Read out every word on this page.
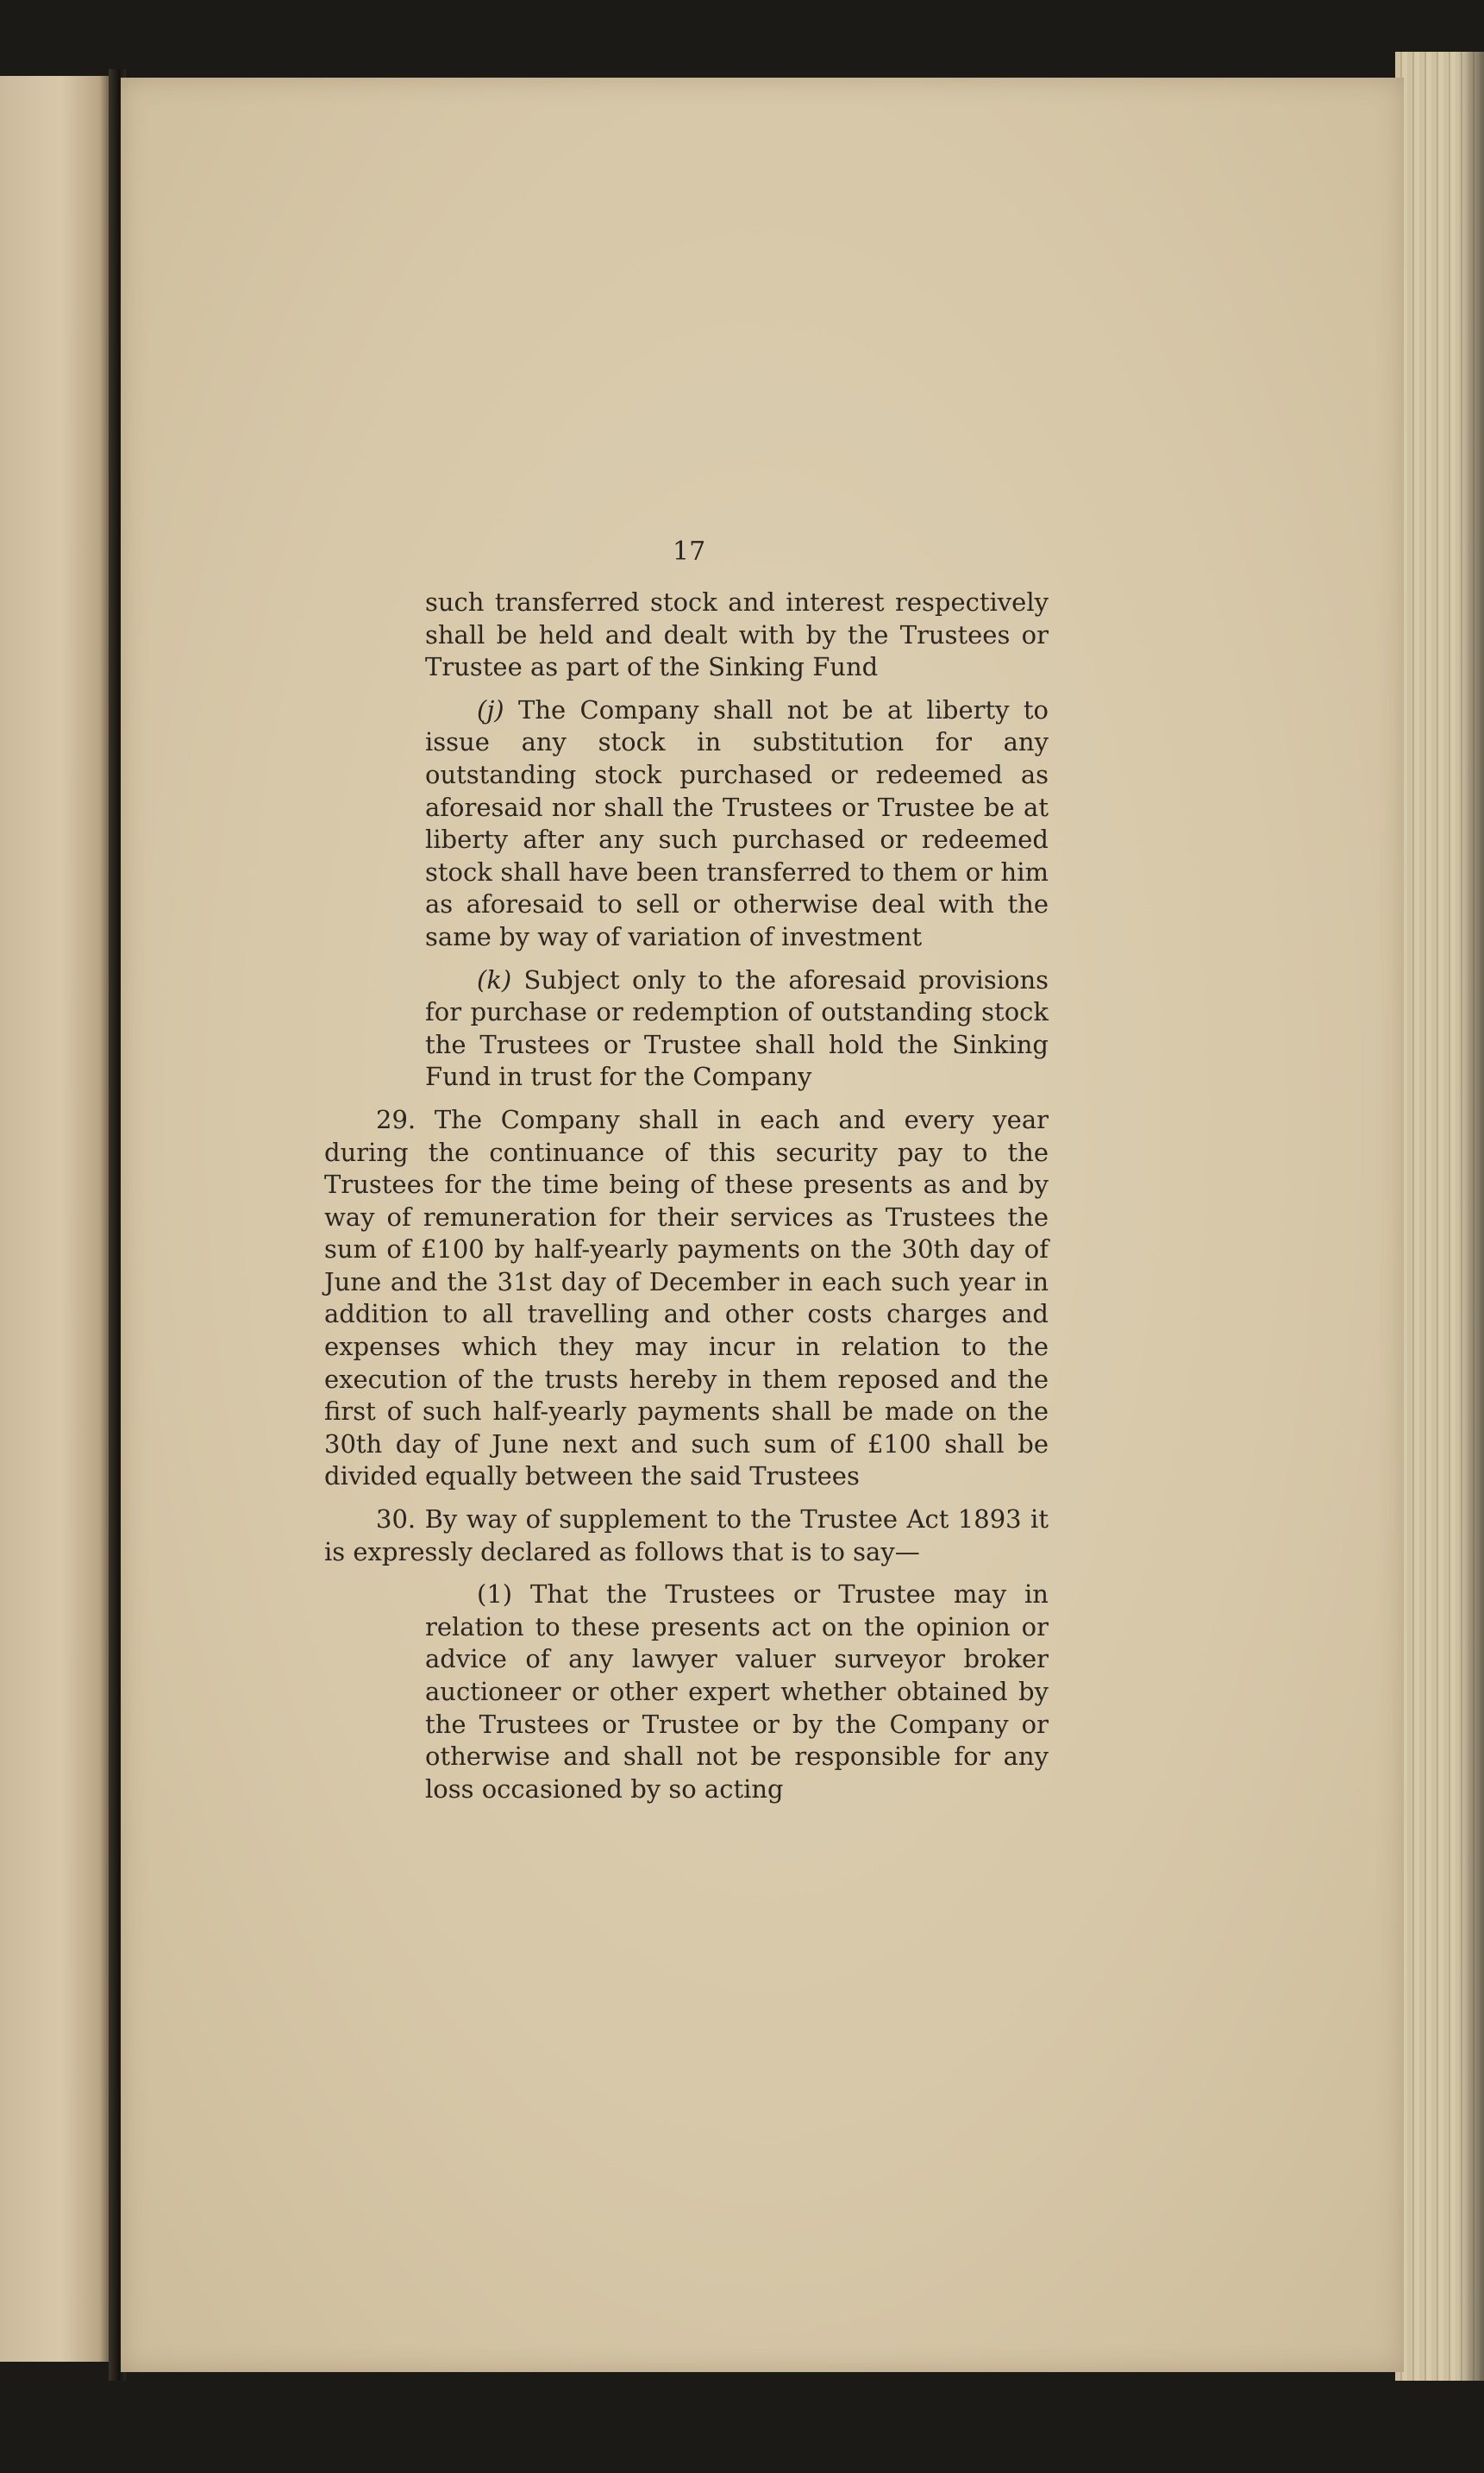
17

such transferred stock and interest respectively shall be held and dealt with by the Trustees or Trustee as part of the Sinking Fund

(j) The Company shall not be at liberty to issue any stock in substitution for any outstanding stock purchased or redeemed as aforesaid nor shall the Trustees or Trustee be at liberty after any such purchased or redeemed stock shall have been transferred to them or him as aforesaid to sell or otherwise deal with the same by way of variation of investment

(k) Subject only to the aforesaid provisions for purchase or redemption of outstanding stock the Trustees or Trustee shall hold the Sinking Fund in trust for the Company

29. The Company shall in each and every year during the continuance of this security pay to the Trustees for the time being of these presents as and by way of remuneration for their services as Trustees the sum of £100 by half-yearly payments on the 30th day of June and the 31st day of December in each such year in addition to all travelling and other costs charges and expenses which they may incur in relation to the execution of the trusts hereby in them reposed and the first of such half-yearly payments shall be made on the 30th day of June next and such sum of £100 shall be divided equally between the said Trustees

30. By way of supplement to the Trustee Act 1893 it is expressly declared as follows that is to say—

(1) That the Trustees or Trustee may in relation to these presents act on the opinion or advice of any lawyer valuer surveyor broker auctioneer or other expert whether obtained by the Trustees or Trustee or by the Company or otherwise and shall not be responsible for any loss occasioned by so acting
